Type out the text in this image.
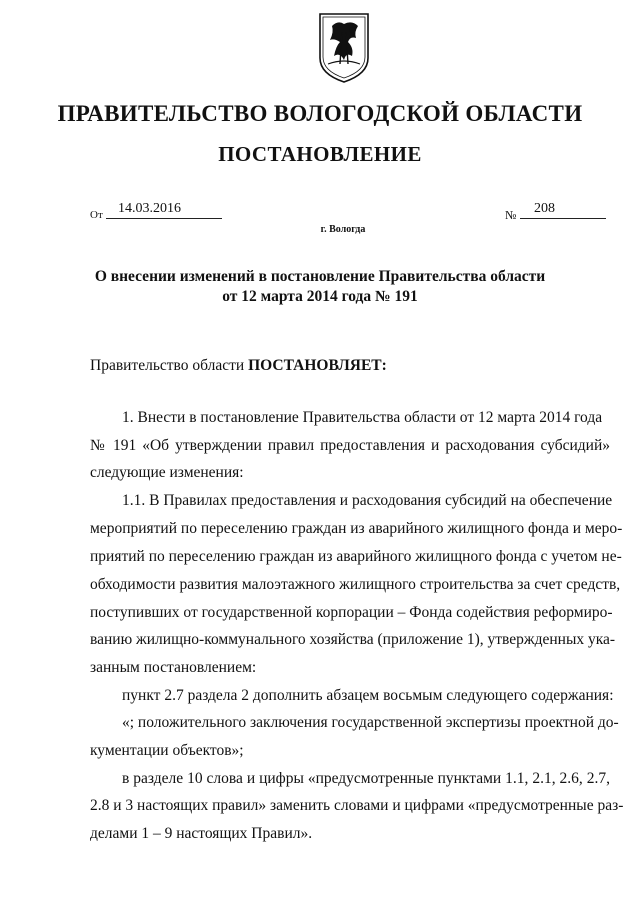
ПРАВИТЕЛЬСТВО ВОЛОГОДСКОЙ ОБЛАСТИ
ПОСТАНОВЛЕНИЕ
От	14.03.2016	№	208
г. Вологда
О внесении изменений в постановление Правительства области
от 12 марта 2014 года № 191
Правительство области ПОСТАНОВЛЯЕТ:
1. Внести в постановление Правительства области от 12 марта 2014 года
№ 191 «Об утверждении правил предоставления и расходования субсидий»
следующие изменения:
1.1. В Правилах предоставления и расходования субсидий на обеспечение
мероприятий по переселению граждан из аварийного жилищного фонда и меро-
приятий по переселению граждан из аварийного жилищного фонда с учетом не-
обходимости развития малоэтажного жилищного строительства за счет средств,
поступивших от государственной корпорации – Фонда содействия реформиро-
ванию жилищно-коммунального хозяйства (приложение 1), утвержденных ука-
занным постановлением:
пункт 2.7 раздела 2 дополнить абзацем восьмым следующего содержания:
«; положительного заключения государственной экспертизы проектной до-
кументации объектов»;
в разделе 10 слова и цифры «предусмотренные пунктами 1.1, 2.1, 2.6, 2.7,
2.8 и 3 настоящих правил» заменить словами и цифрами «предусмотренные раз-
делами 1 – 9 настоящих Правил».
